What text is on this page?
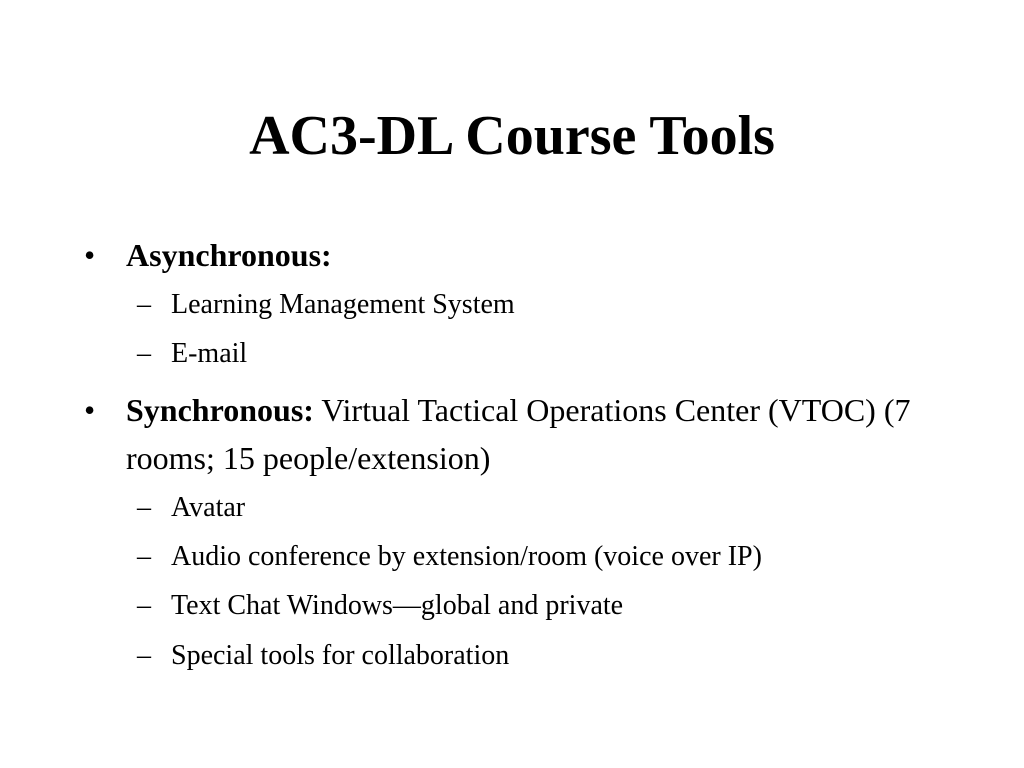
AC3-DL Course Tools
• Asynchronous:
– Learning Management System
– E-mail
• Synchronous: Virtual Tactical Operations Center (VTOC) (7 rooms; 15 people/extension)
– Avatar
– Audio conference by extension/room (voice over IP)
– Text Chat Windows—global and private
– Special tools for collaboration
